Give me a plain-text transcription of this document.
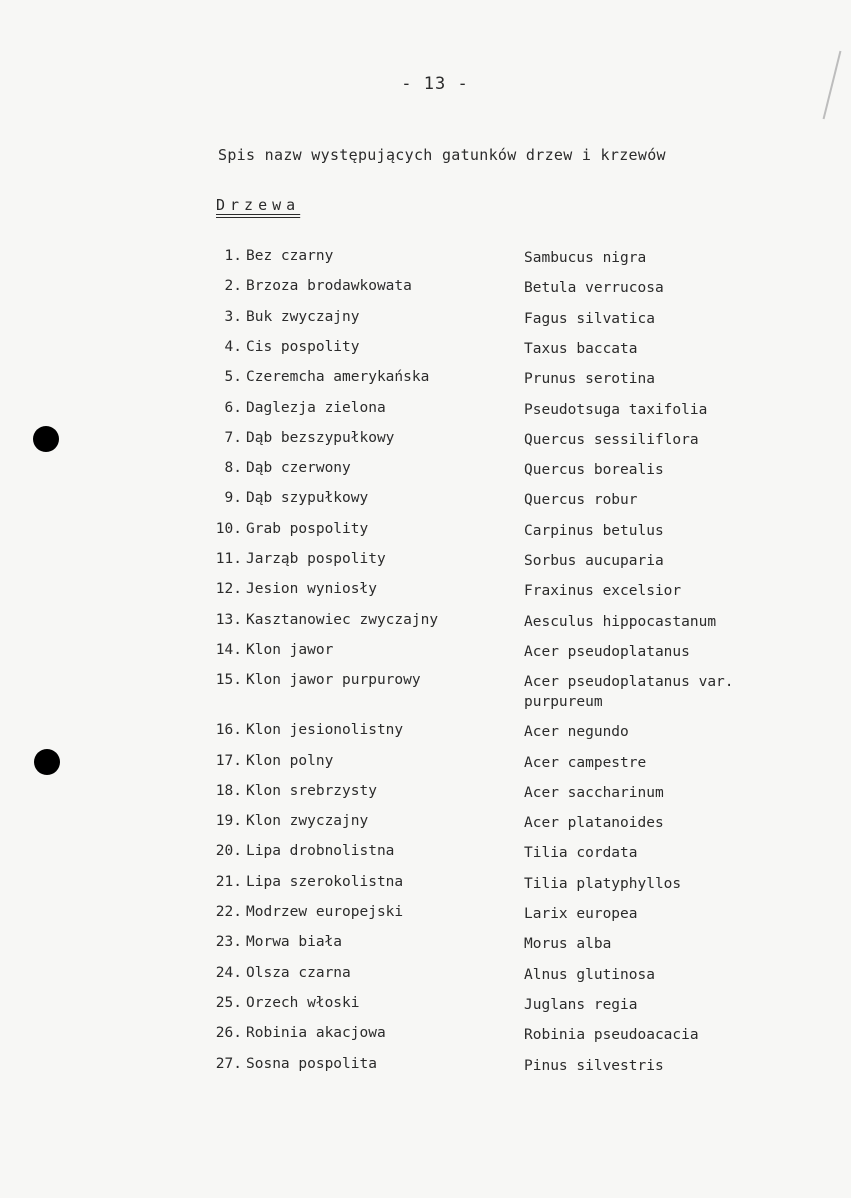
- 13 -
Spis nazw występujących gatunków drzew i krzewów
Drzewa
1. Bez czarny	Sambucus nigra
2. Brzoza brodawkowata	Betula verrucosa
3. Buk zwyczajny	Fagus silvatica
4. Cis pospolity	Taxus baccata
5. Czeremcha amerykańska	Prunus serotina
6. Daglezja zielona	Pseudotsuga taxifolia
7. Dąb bezszypułkowy	Quercus sessiliflora
8. Dąb czerwony	Quercus borealis
9. Dąb szypułkowy	Quercus robur
10. Grab pospolity	Carpinus betulus
11. Jarząb pospolity	Sorbus aucuparia
12. Jesion wyniosły	Fraxinus excelsior
13. Kasztanowiec zwyczajny	Aesculus hippocastanum
14. Klon jawor	Acer pseudoplatanus
15. Klon jawor purpurowy	Acer pseudoplatanus var.
purpureum
16. Klon jesionolistny	Acer negundo
17. Klon polny	Acer campestre
18. Klon srebrzysty	Acer saccharinum
19. Klon zwyczajny	Acer platanoides
20. Lipa drobnolistna	Tilia cordata
21. Lipa szerokolistna	Tilia platyphyllos
22. Modrzew europejski	Larix europea
23. Morwa biała	Morus alba
24. Olsza czarna	Alnus glutinosa
25. Orzech włoski	Juglans regia
26. Robinia akacjowa	Robinia pseudoacacia
27. Sosna pospolita	Pinus silvestris
